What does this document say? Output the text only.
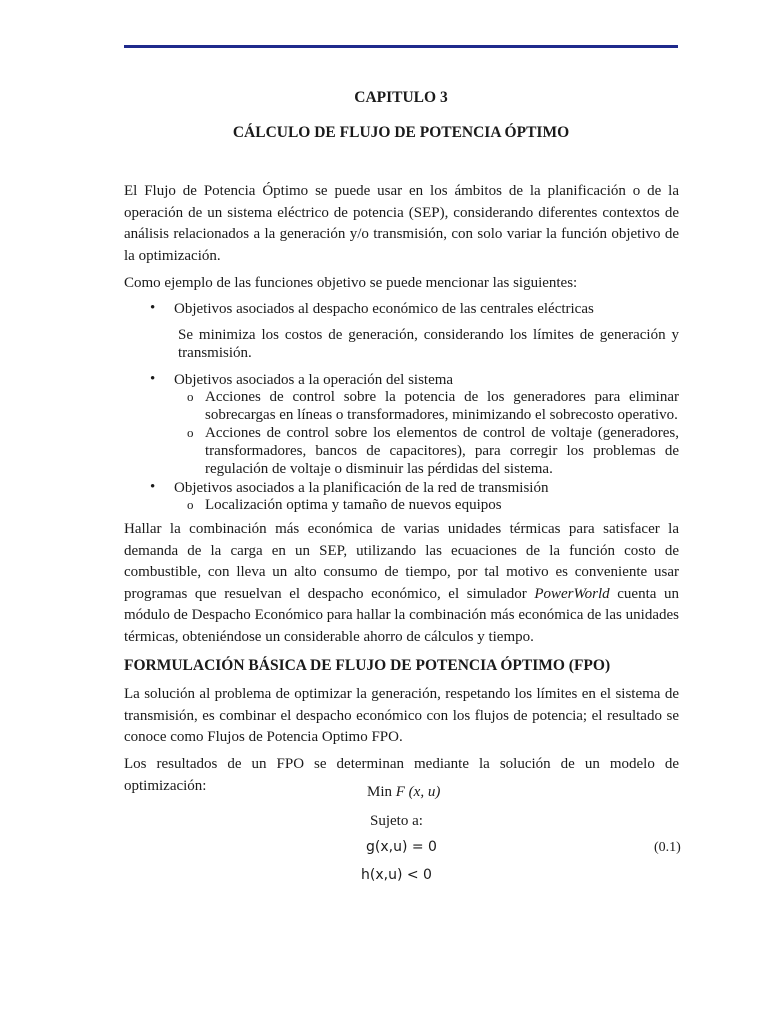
CAPITULO 3

CÁLCULO DE FLUJO DE POTENCIA ÓPTIMO

El Flujo de Potencia Óptimo se puede usar en los ámbitos de la planificación o de la operación de un sistema eléctrico de potencia (SEP), considerando diferentes contextos de análisis relacionados a la generación y/o transmisión, con solo variar la función objetivo de la optimización.

Como ejemplo de las funciones objetivo se puede mencionar las siguientes:

• Objetivos asociados al despacho económico de las centrales eléctricas

Se minimiza los costos de generación, considerando los límites de generación y transmisión.

• Objetivos asociados a la operación del sistema

o Acciones de control sobre la potencia de los generadores para eliminar sobrecargas en líneas o transformadores, minimizando el sobrecosto operativo.

o Acciones de control sobre los elementos de control de voltaje (generadores, transformadores, bancos de capacitores), para corregir los problemas de regulación de voltaje o disminuir las pérdidas del sistema.

• Objetivos asociados a la planificación de la red de transmisión

o Localización optima y tamaño de nuevos equipos

Hallar la combinación más económica de varias unidades térmicas para satisfacer la demanda de la carga en un SEP, utilizando las ecuaciones de la función costo de combustible, con lleva un alto consumo de tiempo, por tal motivo es conveniente usar programas que resuelvan el despacho económico, el simulador PowerWorld cuenta un módulo de Despacho Económico para hallar la combinación más económica de las unidades térmicas, obteniéndose un considerable ahorro de cálculos y tiempo.

FORMULACIÓN BÁSICA DE FLUJO DE POTENCIA ÓPTIMO (FPO)

La solución al problema de optimizar la generación, respetando los límites en el sistema de transmisión, es combinar el despacho económico con los flujos de potencia; el resultado se conoce como Flujos de Potencia Optimo FPO.

Los resultados de un FPO se determinan mediante la solución de un modelo de optimización:	Min F (x, u)

Sujeto a:

g(x,u) = 0	(0.1)

h(x,u) < 0
